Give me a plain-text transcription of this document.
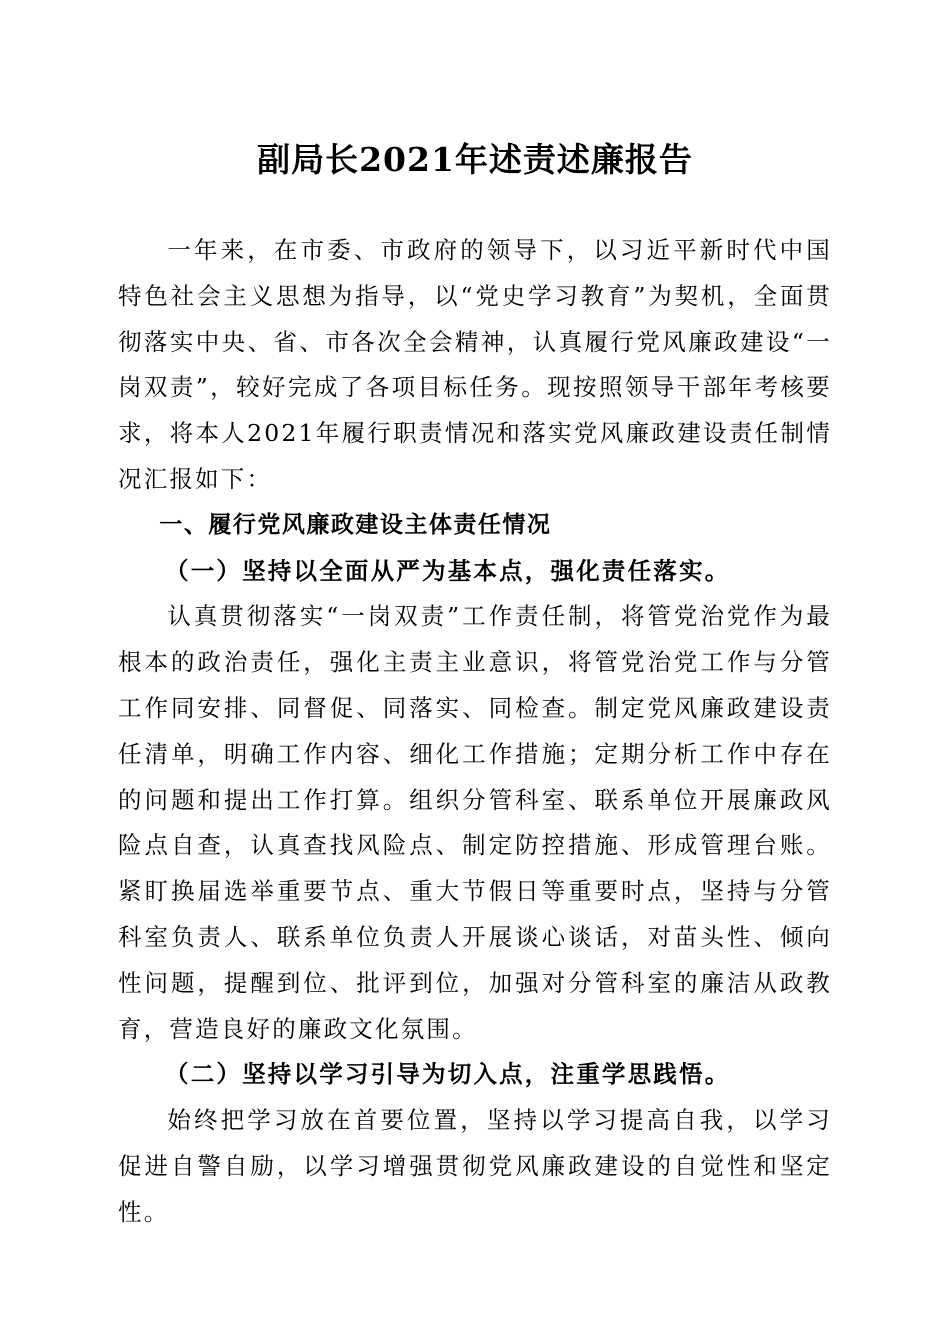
副局长2021年述责述廉报告

一年来，在市委、市政府的领导下，以习近平新时代中国特色社会主义思想为指导，以“党史学习教育”为契机，全面贯彻落实中央、省、市各次全会精神，认真履行党风廉政建设“一岗双责”，较好完成了各项目标任务。现按照领导干部年考核要求，将本人2021年履行职责情况和落实党风廉政建设责任制情况汇报如下：

一、履行党风廉政建设主体责任情况

（一）坚持以全面从严为基本点，强化责任落实。

认真贯彻落实“一岗双责”工作责任制，将管党治党作为最根本的政治责任，强化主责主业意识，将管党治党工作与分管工作同安排、同督促、同落实、同检查。制定党风廉政建设责任清单，明确工作内容、细化工作措施；定期分析工作中存在的问题和提出工作打算。组织分管科室、联系单位开展廉政风险点自查，认真查找风险点、制定防控措施、形成管理台账。紧盯换届选举重要节点、重大节假日等重要时点，坚持与分管科室负责人、联系单位负责人开展谈心谈话，对苗头性、倾向性问题，提醒到位、批评到位，加强对分管科室的廉洁从政教育，营造良好的廉政文化氛围。

（二）坚持以学习引导为切入点，注重学思践悟。

始终把学习放在首要位置，坚持以学习提高自我，以学习促进自警自励，以学习增强贯彻党风廉政建设的自觉性和坚定性。
